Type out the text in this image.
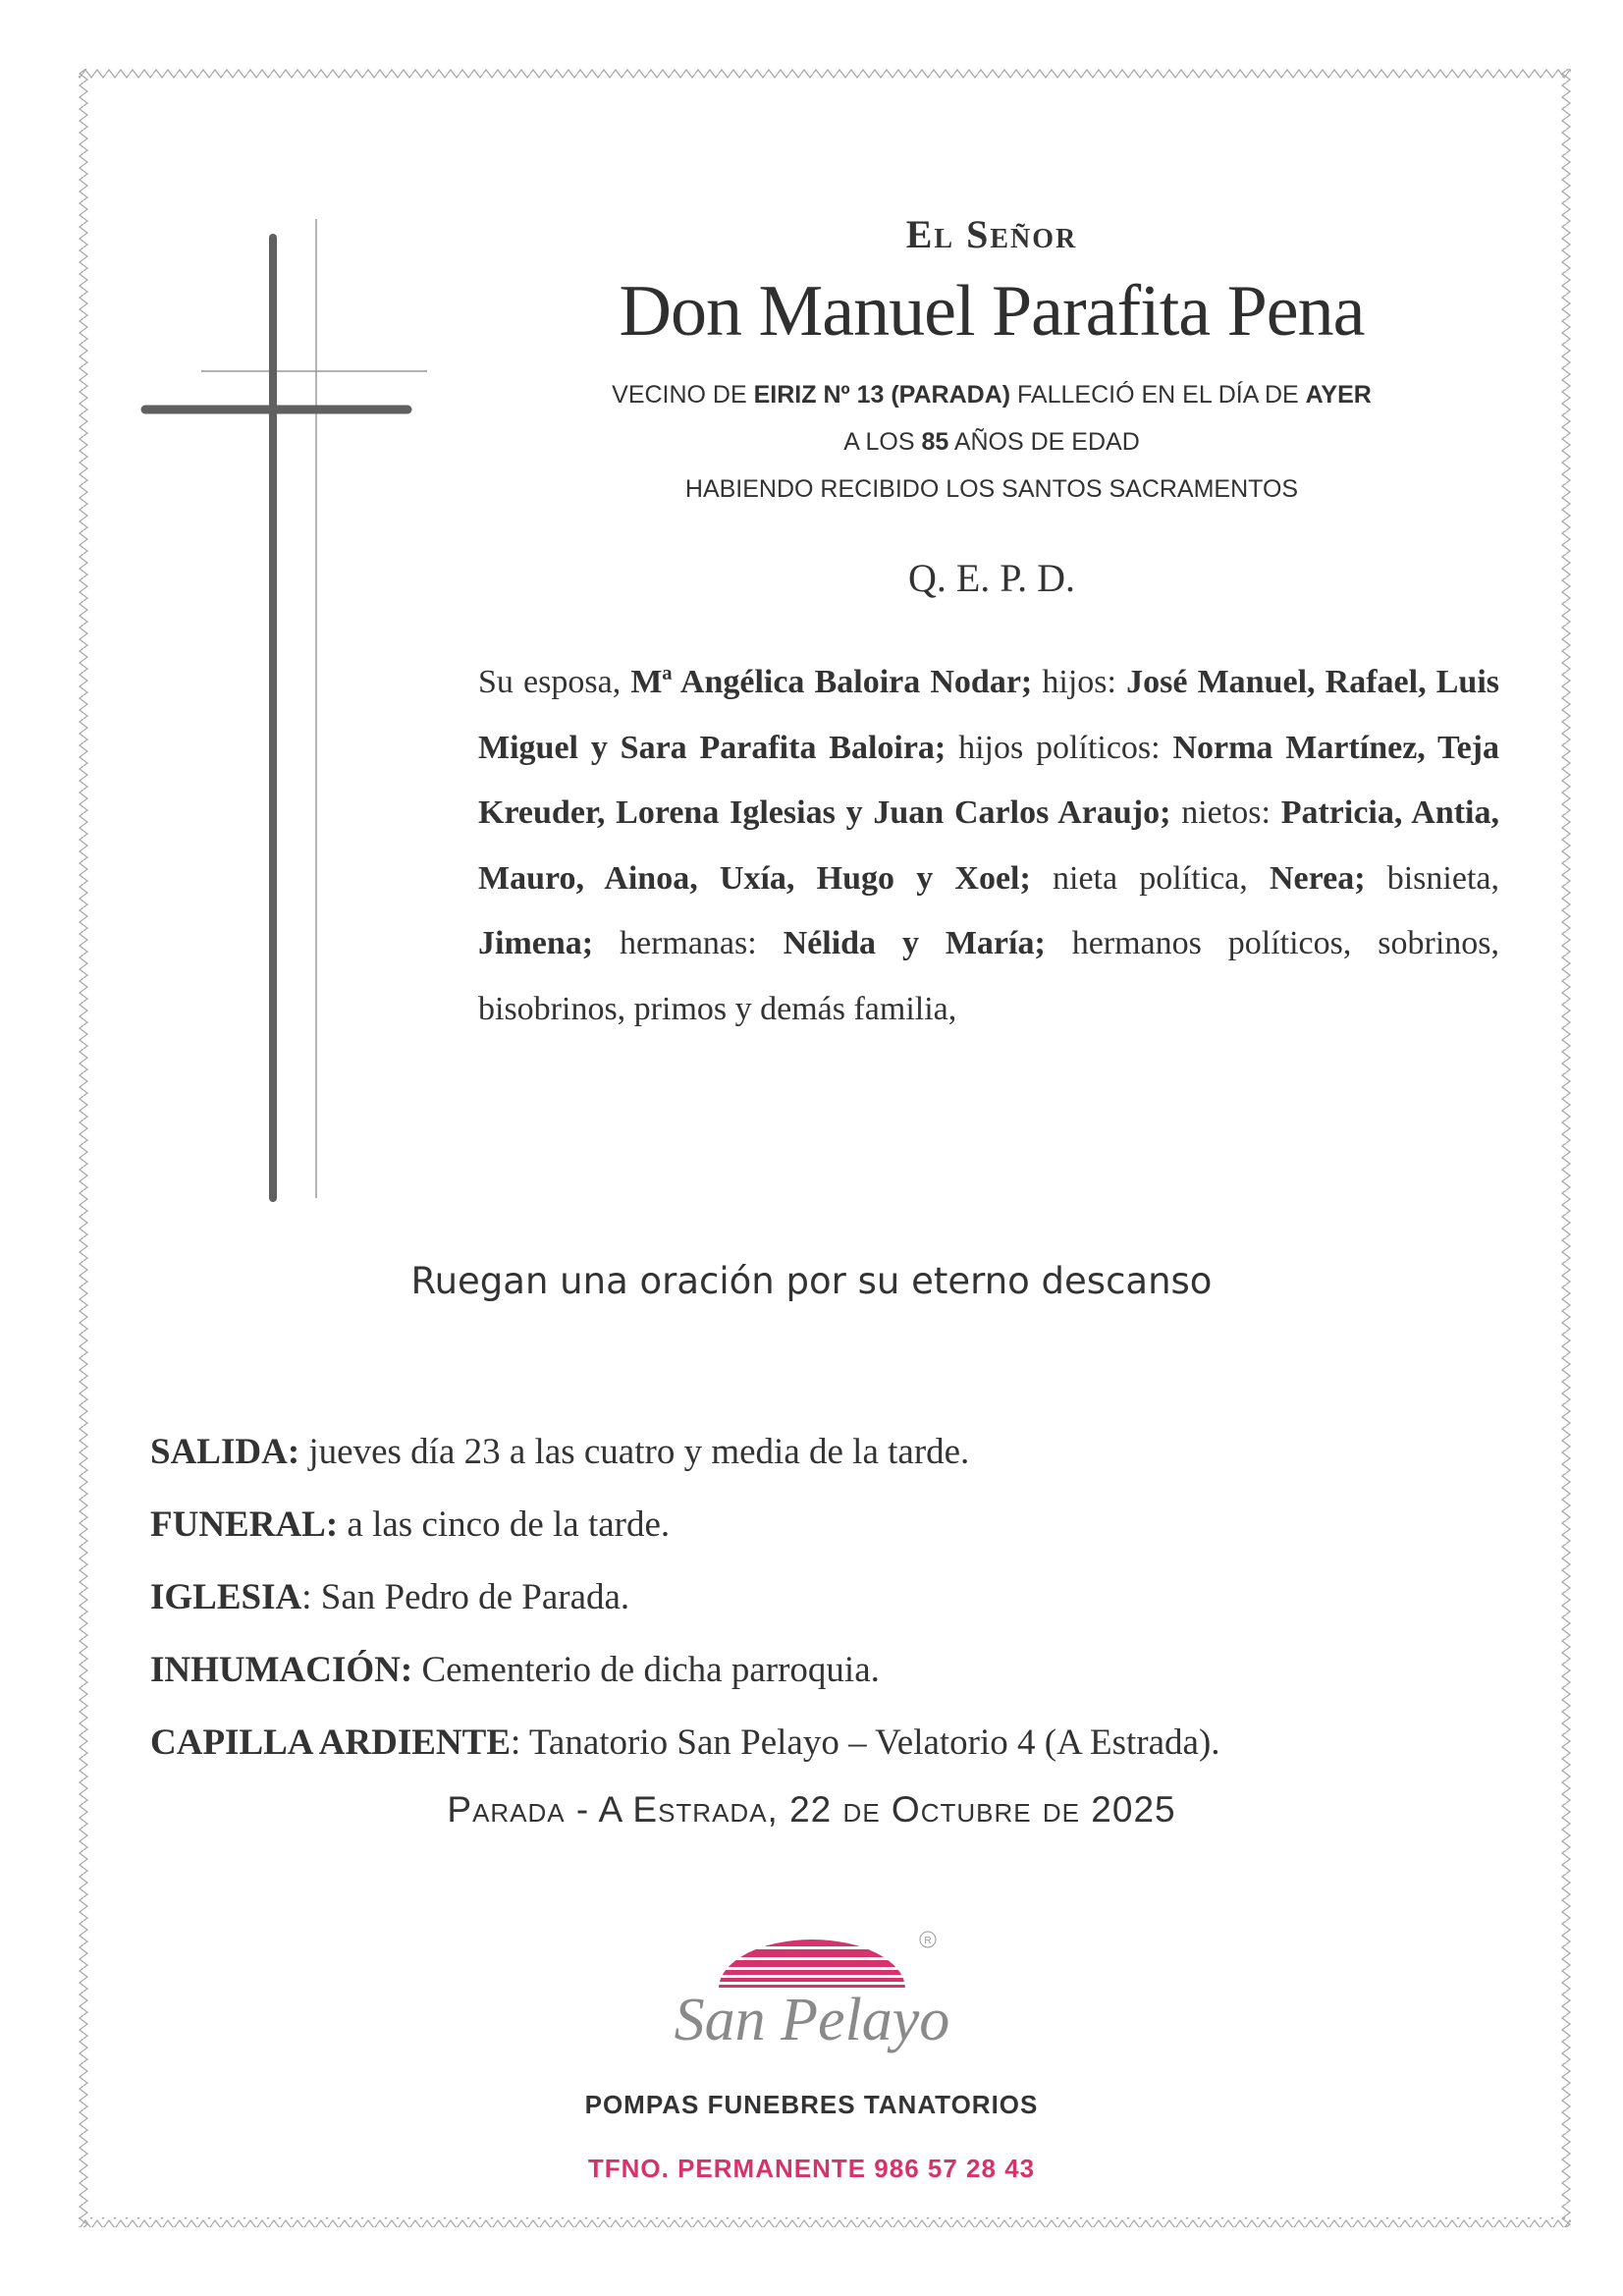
El Señor
Don Manuel Parafita Pena
VECINO DE EIRIZ Nº 13 (PARADA) FALLECIÓ EN EL DÍA DE AYER
A LOS 85 AÑOS DE EDAD
HABIENDO RECIBIDO LOS SANTOS SACRAMENTOS
Q. E. P. D.
Su esposa, Mª Angélica Baloira Nodar; hijos: José Manuel, Rafael, Luis Miguel y Sara Parafita Baloira; hijos políticos: Norma Martínez, Teja Kreuder, Lorena Iglesias y Juan Carlos Araujo; nietos: Patricia, Antia, Mauro, Ainoa, Uxía, Hugo y Xoel; nieta política, Nerea; bisnieta, Jimena; hermanas: Nélida y María; hermanos políticos, sobrinos, bisobrinos, primos y demás familia,
Ruegan una oración por su eterno descanso
SALIDA: jueves día 23 a las cuatro y media de la tarde.
FUNERAL: a las cinco de la tarde.
IGLESIA: San Pedro de Parada.
INHUMACIÓN: Cementerio de dicha parroquia.
CAPILLA ARDIENTE: Tanatorio San Pelayo – Velatorio 4 (A Estrada).
Parada - A Estrada, 22 de Octubre de 2025
R
San Pelayo
POMPAS FUNEBRES TANATORIOS
TFNO. PERMANENTE 986 57 28 43
